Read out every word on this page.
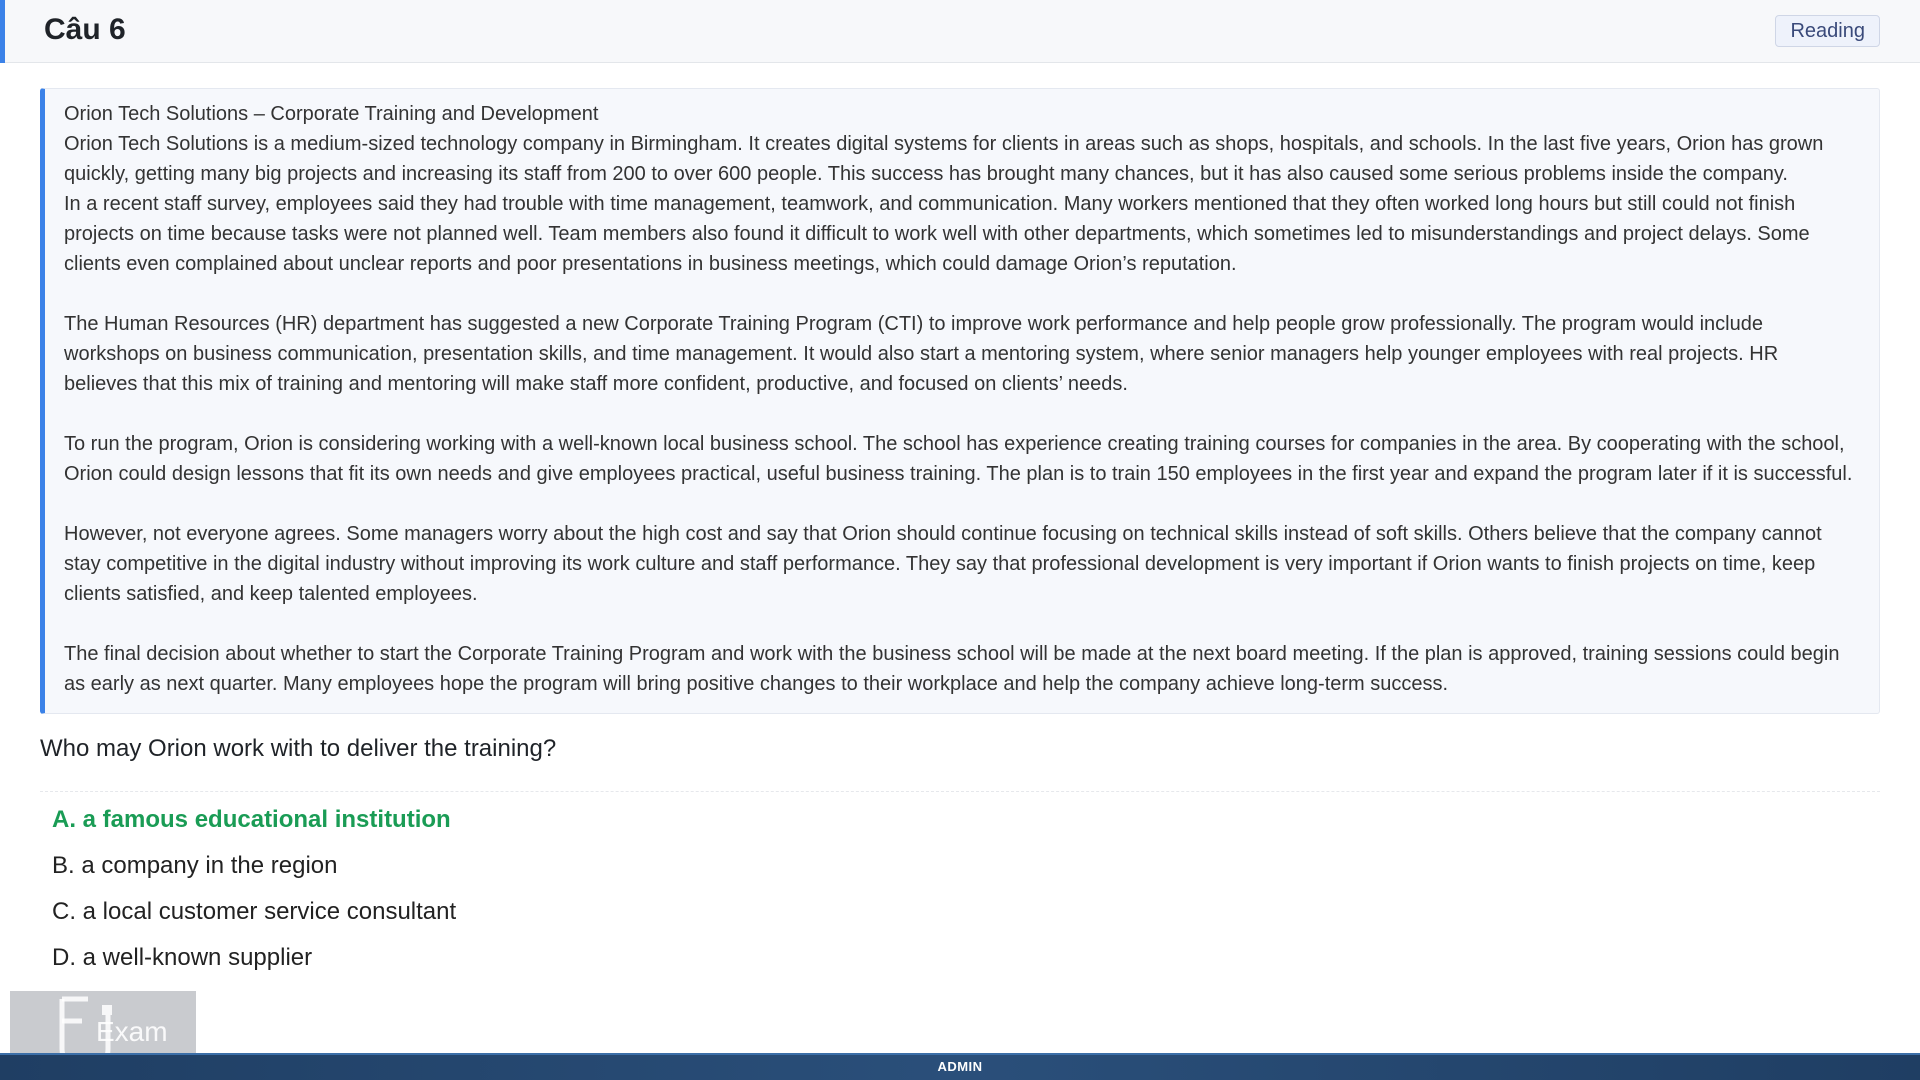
Câu 6	Reading

Orion Tech Solutions – Corporate Training and Development

Orion Tech Solutions is a medium-sized technology company in Birmingham. It creates digital systems for clients in areas such as shops, hospitals, and schools. In the last five years, Orion has grown quickly, getting many big projects and increasing its staff from 200 to over 600 people. This success has brought many chances, but it has also caused some serious problems inside the company.

In a recent staff survey, employees said they had trouble with time management, teamwork, and communication. Many workers mentioned that they often worked long hours but still could not finish projects on time because tasks were not planned well. Team members also found it difficult to work well with other departments, which sometimes led to misunderstandings and project delays. Some clients even complained about unclear reports and poor presentations in business meetings, which could damage Orion’s reputation.

The Human Resources (HR) department has suggested a new Corporate Training Program (CTI) to improve work performance and help people grow professionally. The program would include workshops on business communication, presentation skills, and time management. It would also start a mentoring system, where senior managers help younger employees with real projects. HR believes that this mix of training and mentoring will make staff more confident, productive, and focused on clients’ needs.

To run the program, Orion is considering working with a well-known local business school. The school has experience creating training courses for companies in the area. By cooperating with the school, Orion could design lessons that fit its own needs and give employees practical, useful business training. The plan is to train 150 employees in the first year and expand the program later if it is successful.

However, not everyone agrees. Some managers worry about the high cost and say that Orion should continue focusing on technical skills instead of soft skills. Others believe that the company cannot stay competitive in the digital industry without improving its work culture and staff performance. They say that professional development is very important if Orion wants to finish projects on time, keep clients satisfied, and keep talented employees.

The final decision about whether to start the Corporate Training Program and work with the business school will be made at the next board meeting. If the plan is approved, training sessions could begin as early as next quarter. Many employees hope the program will bring positive changes to their workplace and help the company achieve long-term success.

Who may Orion work with to deliver the training?
A. a famous educational institution
B. a company in the region
C. a local customer service consultant
D. a well-known supplier
Exam
ADMIN
